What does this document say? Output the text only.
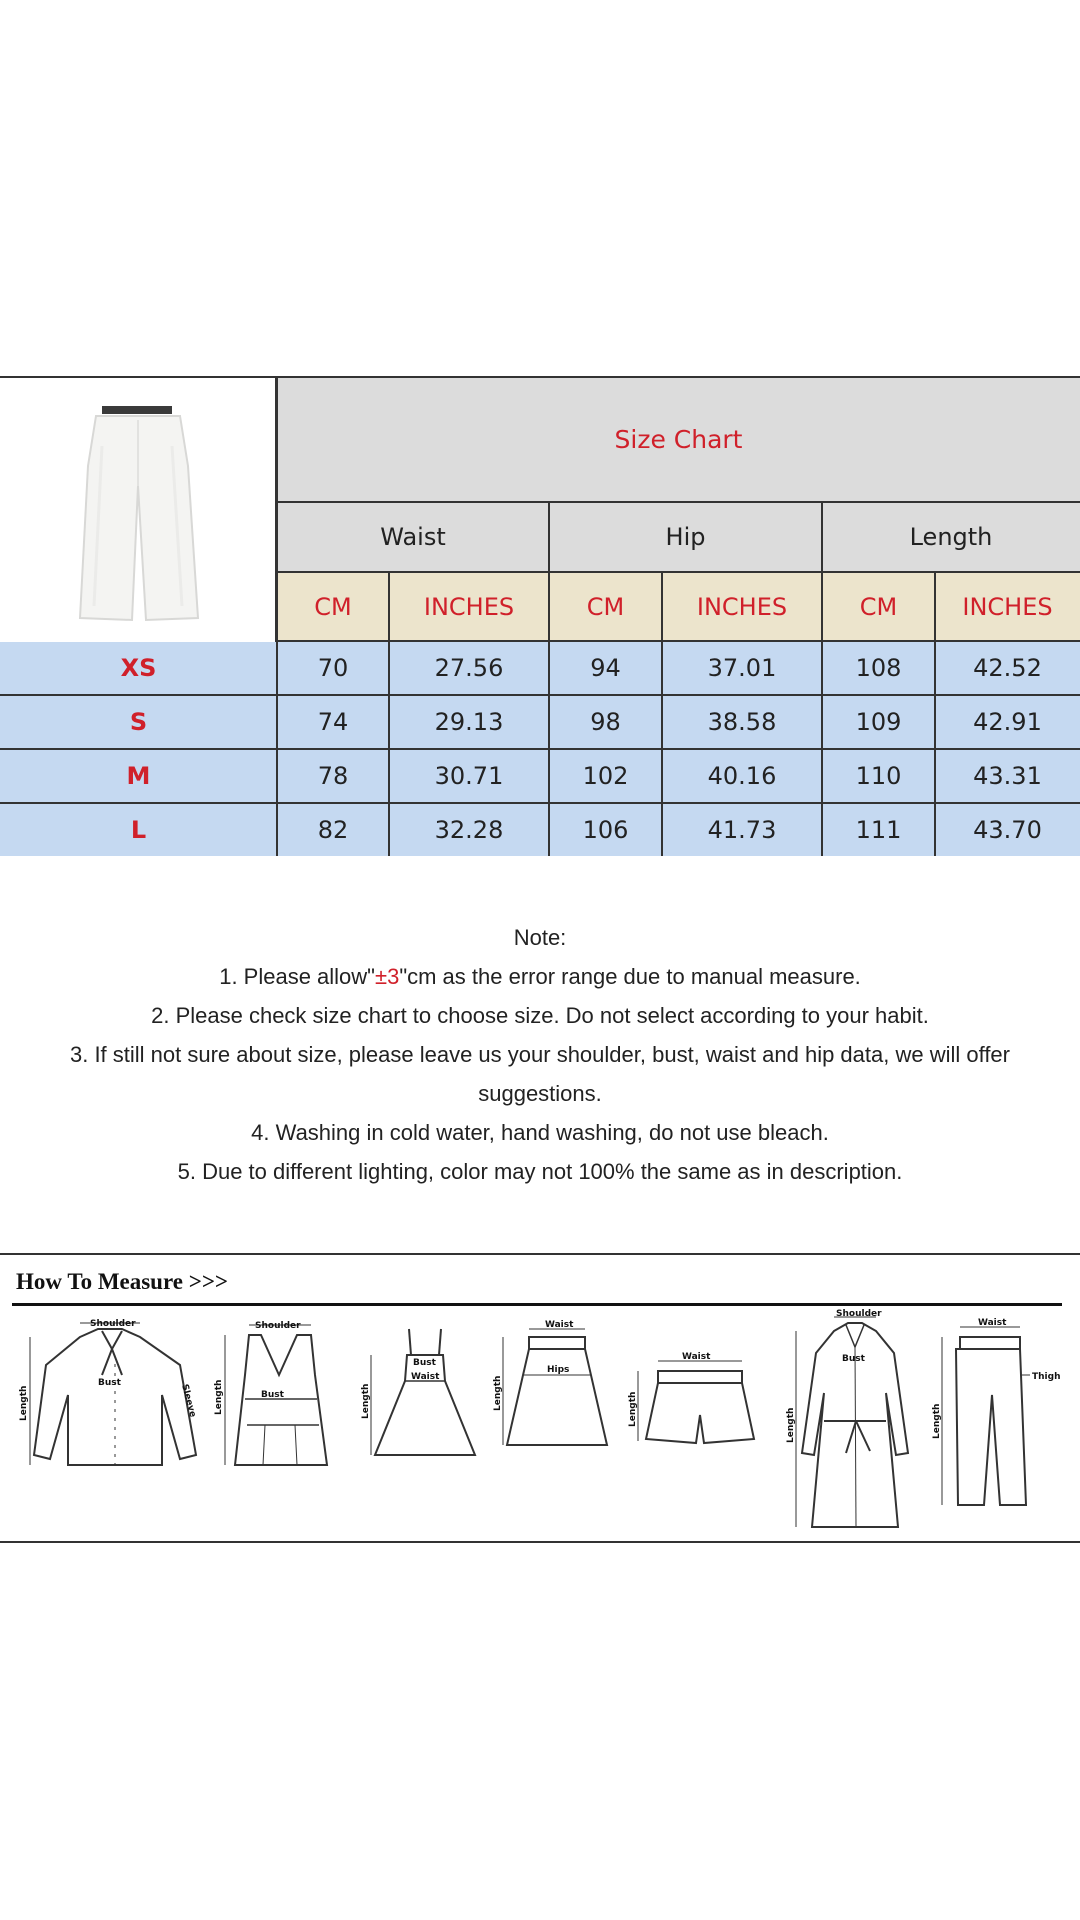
Size Chart
Waist	Hip	Length
CM	INCHES	CM	INCHES	CM	INCHES
XS	70	27.56	94	37.01	108	42.52
S	74	29.13	98	38.58	109	42.91
M	78	30.71	102	40.16	110	43.31
L	82	32.28	106	41.73	111	43.70

Note:

1. Please allow"±3"cm as the error range due to manual measure.

2. Please check size chart to choose size. Do not select according to your habit.

3. If still not sure about size, please leave us your shoulder, bust, waist and hip data, we will offer

suggestions.

4. Washing in cold water, hand washing, do not use bleach.

5. Due to different lighting, color may not 100% the same as in description.

How To Measure >>>
Shoulder
Bust
Length	Sleeve
Shoulder
Bust
Length
Bust
Waist
Length
Waist
Hips
Length
Waist
Length
Shoulder
Bust
Length
Waist
Thigh
Length
